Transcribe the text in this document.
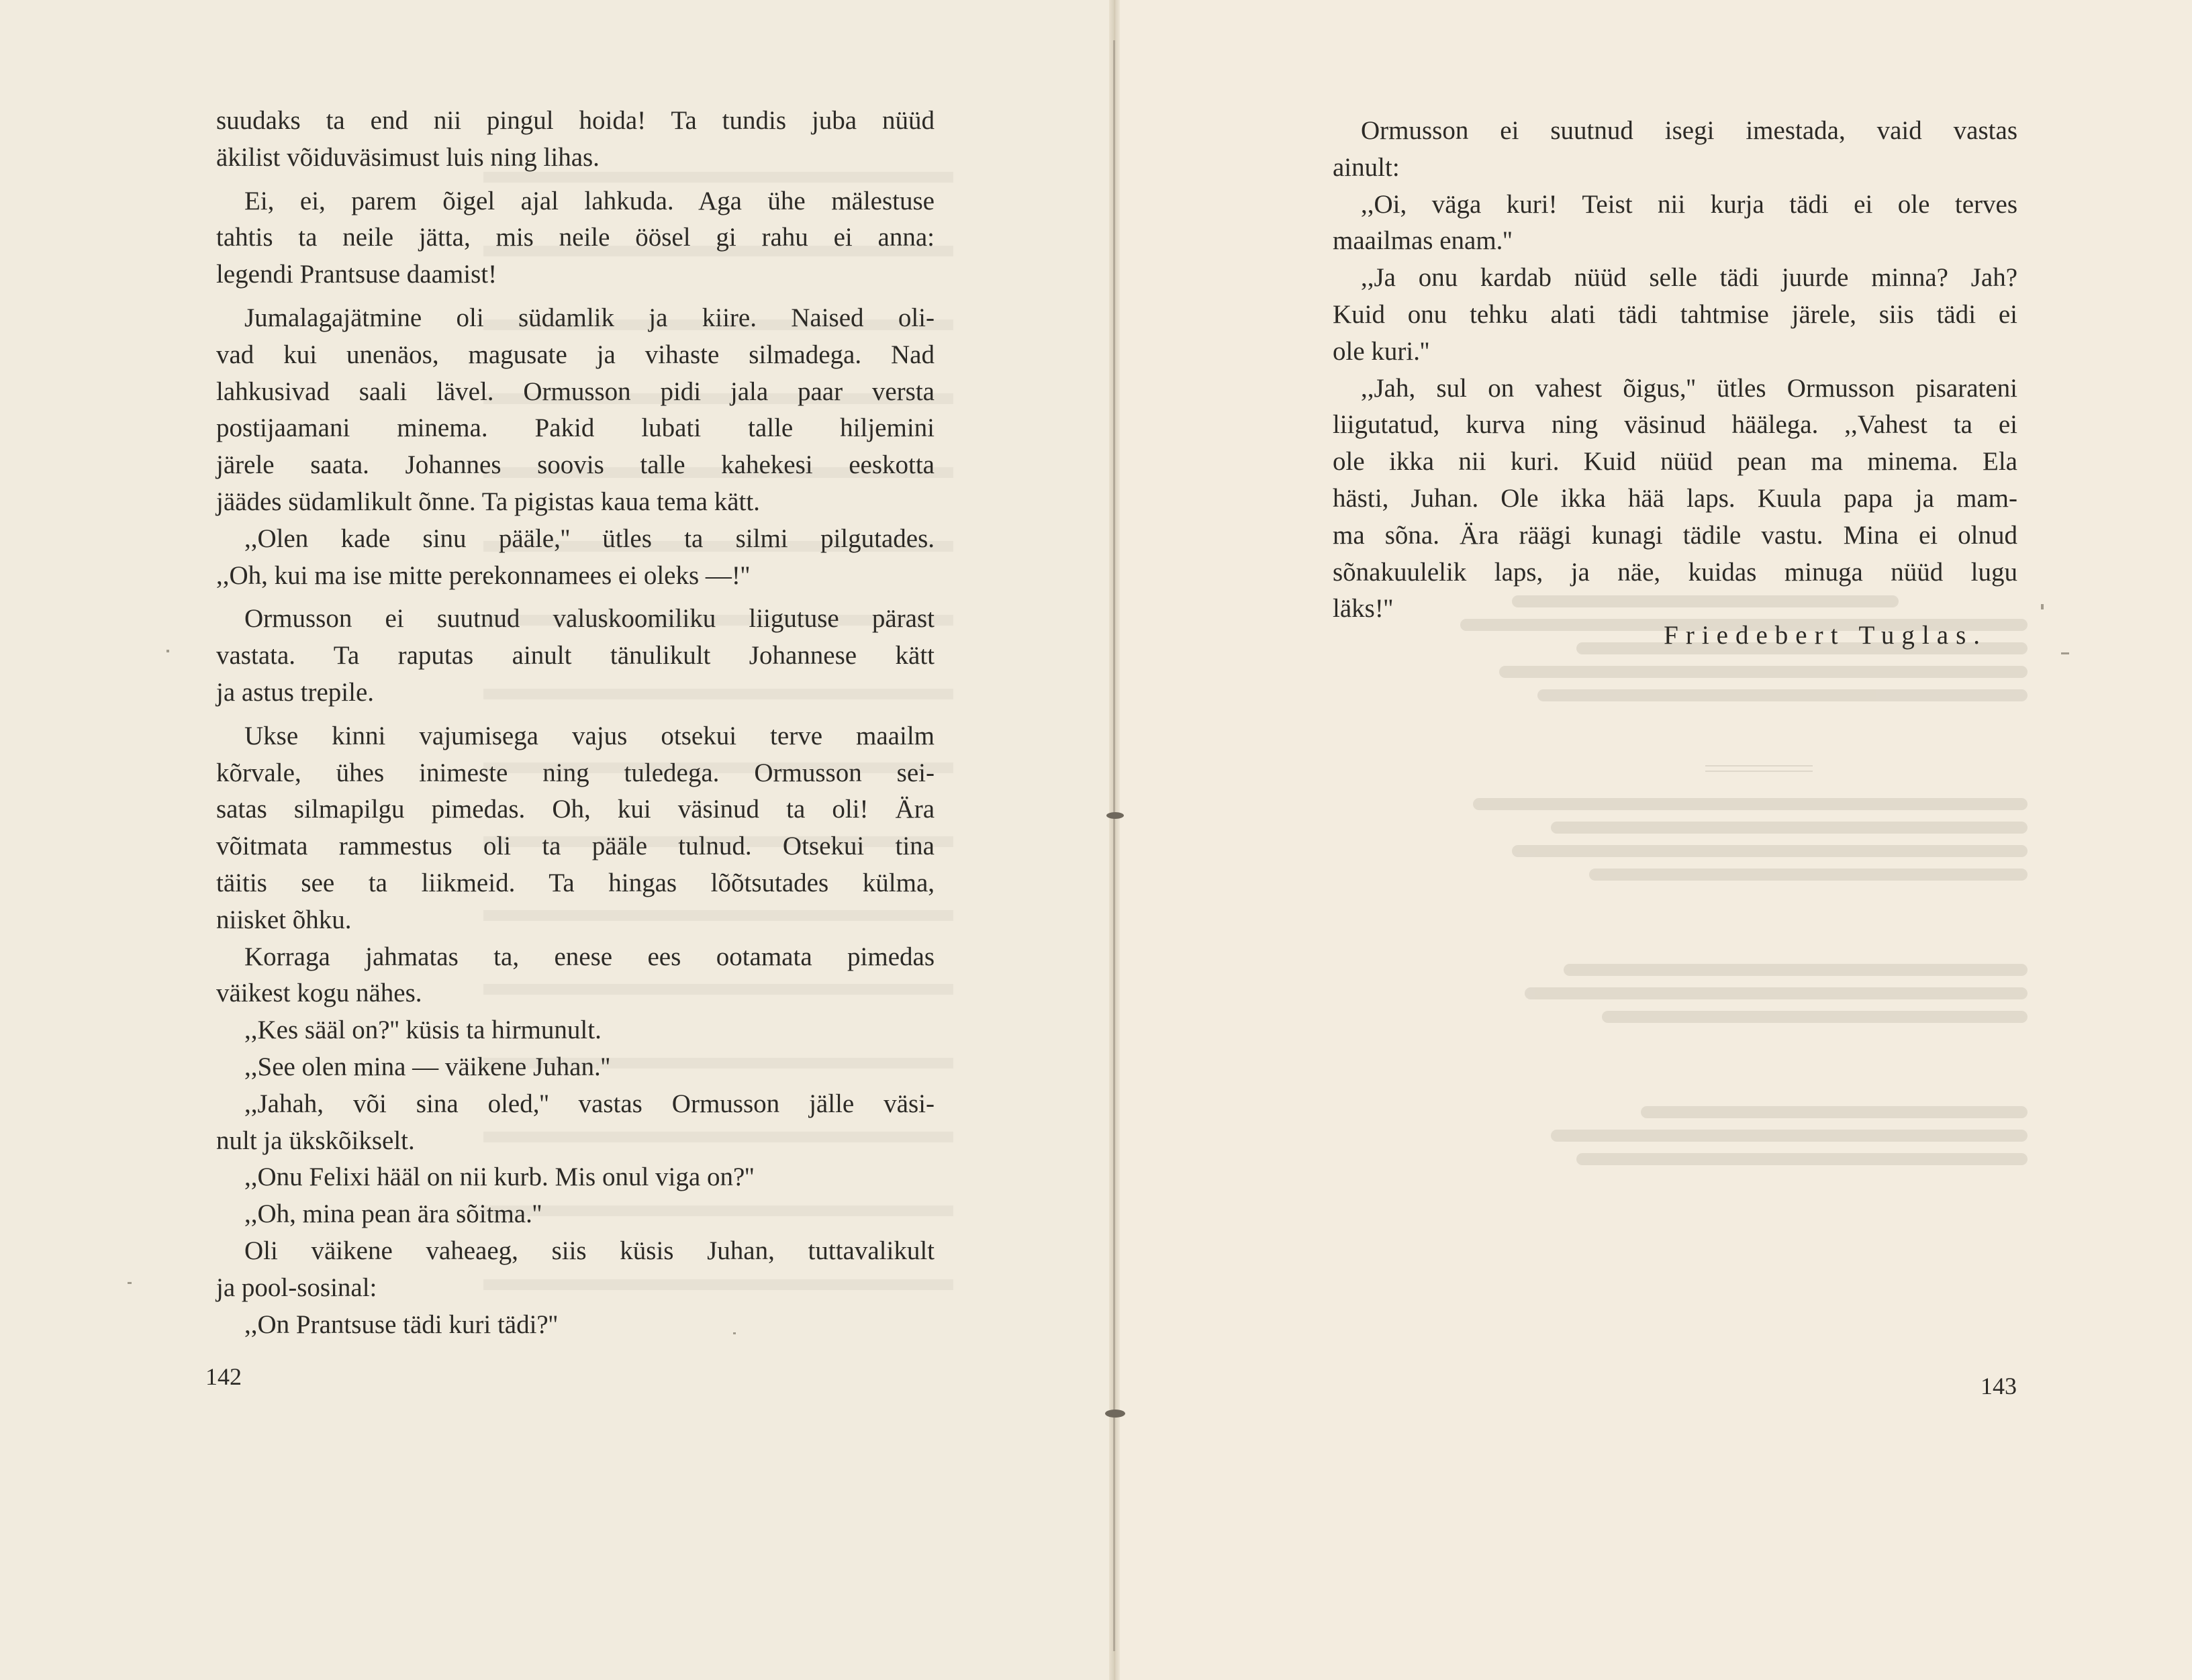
suudaks ta end nii pingul hoida! Ta tundis juba nüüd

äkilist võiduväsimust luis ning lihas.

Ei, ei, parem õigel ajal lahkuda. Aga ühe mälestuse

tahtis ta neile jätta, mis neile öösel gi rahu ei anna:

legendi Prantsuse daamist!

Jumalagajätmine oli südamlik ja kiire. Naised oli-

vad kui unenäos, magusate ja vihaste silmadega. Nad

lahkusivad saali lävel. Ormusson pidi jala paar versta

postijaamani minema. Pakid lubati talle hiljemini

järele saata. Johannes soovis talle kahekesi eeskotta

jäädes südamlikult õnne. Ta pigistas kaua tema kätt.

,,Olen kade sinu pääle,'' ütles ta silmi pilgutades.

,,Oh, kui ma ise mitte perekonnamees ei oleks —!''

Ormusson ei suutnud valuskoomiliku liigutuse pärast

vastata. Ta raputas ainult tänulikult Johannese kätt

ja astus trepile.

Ukse kinni vajumisega vajus otsekui terve maailm

kõrvale, ühes inimeste ning tuledega. Ormusson sei-

satas silmapilgu pimedas. Oh, kui väsinud ta oli! Ära

võitmata rammestus oli ta pääle tulnud. Otsekui tina

täitis see ta liikmeid. Ta hingas lõõtsutades külma,

niisket õhku.

Korraga jahmatas ta, enese ees ootamata pimedas

väikest kogu nähes.

,,Kes sääl on?'' küsis ta hirmunult.

,,See olen mina — väikene Juhan.''

,,Jahah, või sina oled,'' vastas Ormusson jälle väsi-

nult ja ükskõikselt.

,,Onu Felixi hääl on nii kurb. Mis onul viga on?''

,,Oh, mina pean ära sõitma.''

Oli väikene vaheaeg, siis küsis Juhan, tuttavalikult

ja pool-sosinal:

,,On Prantsuse tädi kuri tädi?''

142

Ormusson ei suutnud isegi imestada, vaid vastas

ainult:

,,Oi, väga kuri! Teist nii kurja tädi ei ole terves

maailmas enam.''

,,Ja onu kardab nüüd selle tädi juurde minna? Jah?

Kuid onu tehku alati tädi tahtmise järele, siis tädi ei

ole kuri.''

,,Jah, sul on vahest õigus,'' ütles Ormusson pisarateni

liigutatud, kurva ning väsinud häälega. ,,Vahest ta ei

ole ikka nii kuri. Kuid nüüd pean ma minema. Ela

hästi, Juhan. Ole ikka hää laps. Kuula papa ja mam-

ma sõna. Ära räägi kunagi tädile vastu. Mina ei olnud

sõnakuulelik laps, ja näe, kuidas minuga nüüd lugu

läks!''

Friedebert Tuglas.
143
